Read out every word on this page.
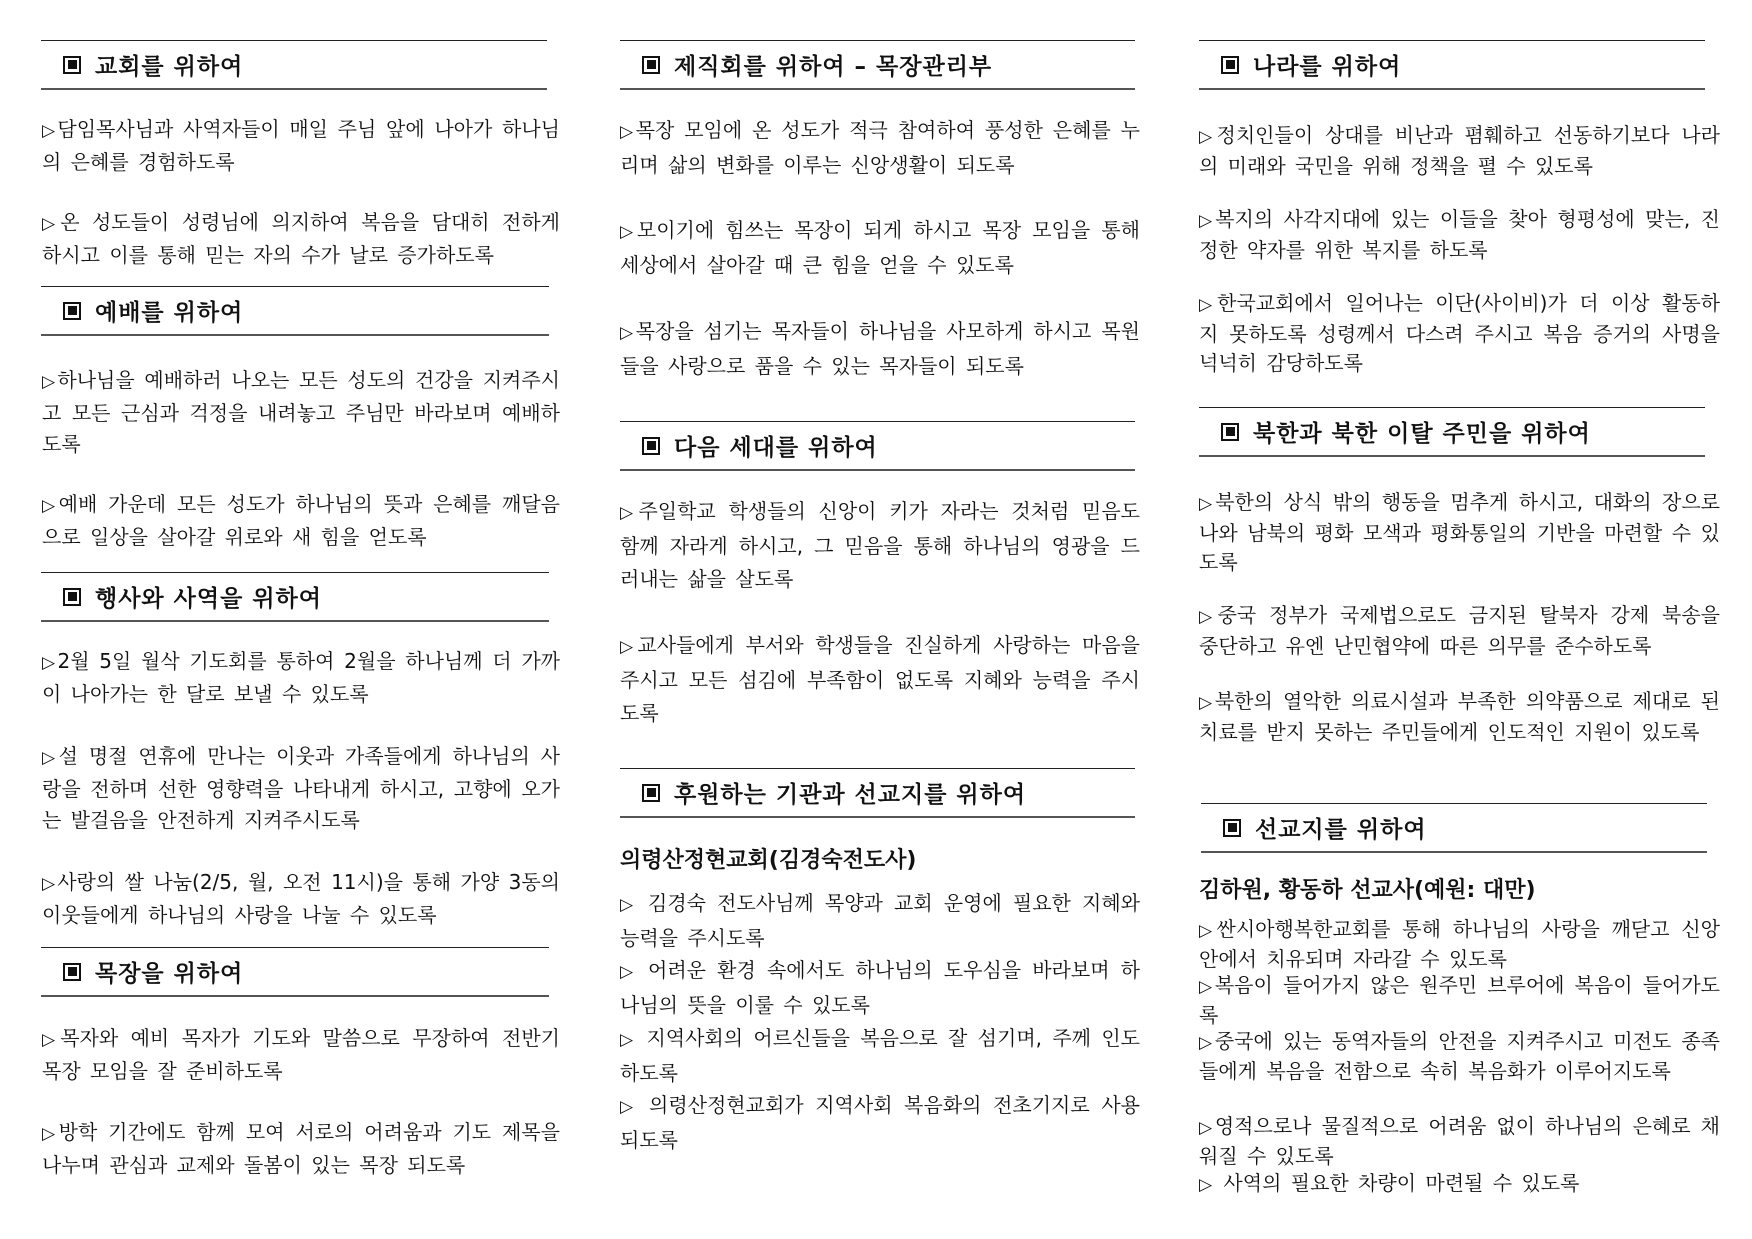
교회를 위하여
▷ 담임목사님과 사역자들이 매일 주님 앞에 나아가 하나님의 은혜를 경험하도록
▷ 온 성도들이 성령님에 의지하여 복음을 담대히 전하게 하시고 이를 통해 믿는 자의 수가 날로 증가하도록
예배를 위하여
▷ 하나님을 예배하러 나오는 모든 성도의 건강을 지켜주시고 모든 근심과 걱정을 내려놓고 주님만 바라보며 예배하도록
▷ 예배 가운데 모든 성도가 하나님의 뜻과 은혜를 깨달음으로 일상을 살아갈 위로와 새 힘을 얻도록
행사와 사역을 위하여
▷ 2월 5일 월삭 기도회를 통하여 2월을 하나님께 더 가까이 나아가는 한 달로 보낼 수 있도록
▷ 설 명절 연휴에 만나는 이웃과 가족들에게 하나님의 사랑을 전하며 선한 영향력을 나타내게 하시고, 고향에 오가는 발걸음을 안전하게 지켜주시도록
▷ 사랑의 쌀 나눔(2/5, 월, 오전 11시)을 통해 가양 3동의 이웃들에게 하나님의 사랑을 나눌 수 있도록
목장을 위하여
▷ 목자와 예비 목자가 기도와 말씀으로 무장하여 전반기 목장 모임을 잘 준비하도록
▷ 방학 기간에도 함께 모여 서로의 어려움과 기도 제목을 나누며 관심과 교제와 돌봄이 있는 목장 되도록
제직회를 위하여 – 목장관리부
▷ 목장 모임에 온 성도가 적극 참여하여 풍성한 은혜를 누리며 삶의 변화를 이루는 신앙생활이 되도록
▷ 모이기에 힘쓰는 목장이 되게 하시고 목장 모임을 통해 세상에서 살아갈 때 큰 힘을 얻을 수 있도록
▷ 목장을 섬기는 목자들이 하나님을 사모하게 하시고 목원들을 사랑으로 품을 수 있는 목자들이 되도록
다음 세대를 위하여
▷ 주일학교 학생들의 신앙이 키가 자라는 것처럼 믿음도 함께 자라게 하시고, 그 믿음을 통해 하나님의 영광을 드러내는 삶을 살도록
▷ 교사들에게 부서와 학생들을 진실하게 사랑하는 마음을 주시고 모든 섬김에 부족함이 없도록 지혜와 능력을 주시도록
후원하는 기관과 선교지를 위하여
의령산정현교회(김경숙전도사)
▷ 김경숙 전도사님께 목양과 교회 운영에 필요한 지혜와 능력을 주시도록
▷ 어려운 환경 속에서도 하나님의 도우심을 바라보며 하나님의 뜻을 이룰 수 있도록
▷ 지역사회의 어르신들을 복음으로 잘 섬기며, 주께 인도하도록
▷ 의령산정현교회가 지역사회 복음화의 전초기지로 사용되도록
나라를 위하여
▷ 정치인들이 상대를 비난과 폄훼하고 선동하기보다 나라의 미래와 국민을 위해 정책을 펼 수 있도록
▷ 복지의 사각지대에 있는 이들을 찾아 형평성에 맞는, 진정한 약자를 위한 복지를 하도록
▷ 한국교회에서 일어나는 이단(사이비)가 더 이상 활동하지 못하도록 성령께서 다스려 주시고 복음 증거의 사명을 넉넉히 감당하도록
북한과 북한 이탈 주민을 위하여
▷ 북한의 상식 밖의 행동을 멈추게 하시고, 대화의 장으로 나와 남북의 평화 모색과 평화통일의 기반을 마련할 수 있도록
▷ 중국 정부가 국제법으로도 금지된 탈북자 강제 북송을 중단하고 유엔 난민협약에 따른 의무를 준수하도록
▷ 북한의 열악한 의료시설과 부족한 의약품으로 제대로 된 치료를 받지 못하는 주민들에게 인도적인 지원이 있도록
선교지를 위하여
김하원, 황동하 선교사(예원: 대만)
▷ 싼시아행복한교회를 통해 하나님의 사랑을 깨닫고 신앙 안에서 치유되며 자라갈 수 있도록
▷ 복음이 들어가지 않은 원주민 브루어에 복음이 들어가도록
▷ 중국에 있는 동역자들의 안전을 지켜주시고 미전도 종족들에게 복음을 전함으로 속히 복음화가 이루어지도록
▷ 영적으로나 물질적으로 어려움 없이 하나님의 은혜로 채워질 수 있도록
▷ 사역의 필요한 차량이 마련될 수 있도록
